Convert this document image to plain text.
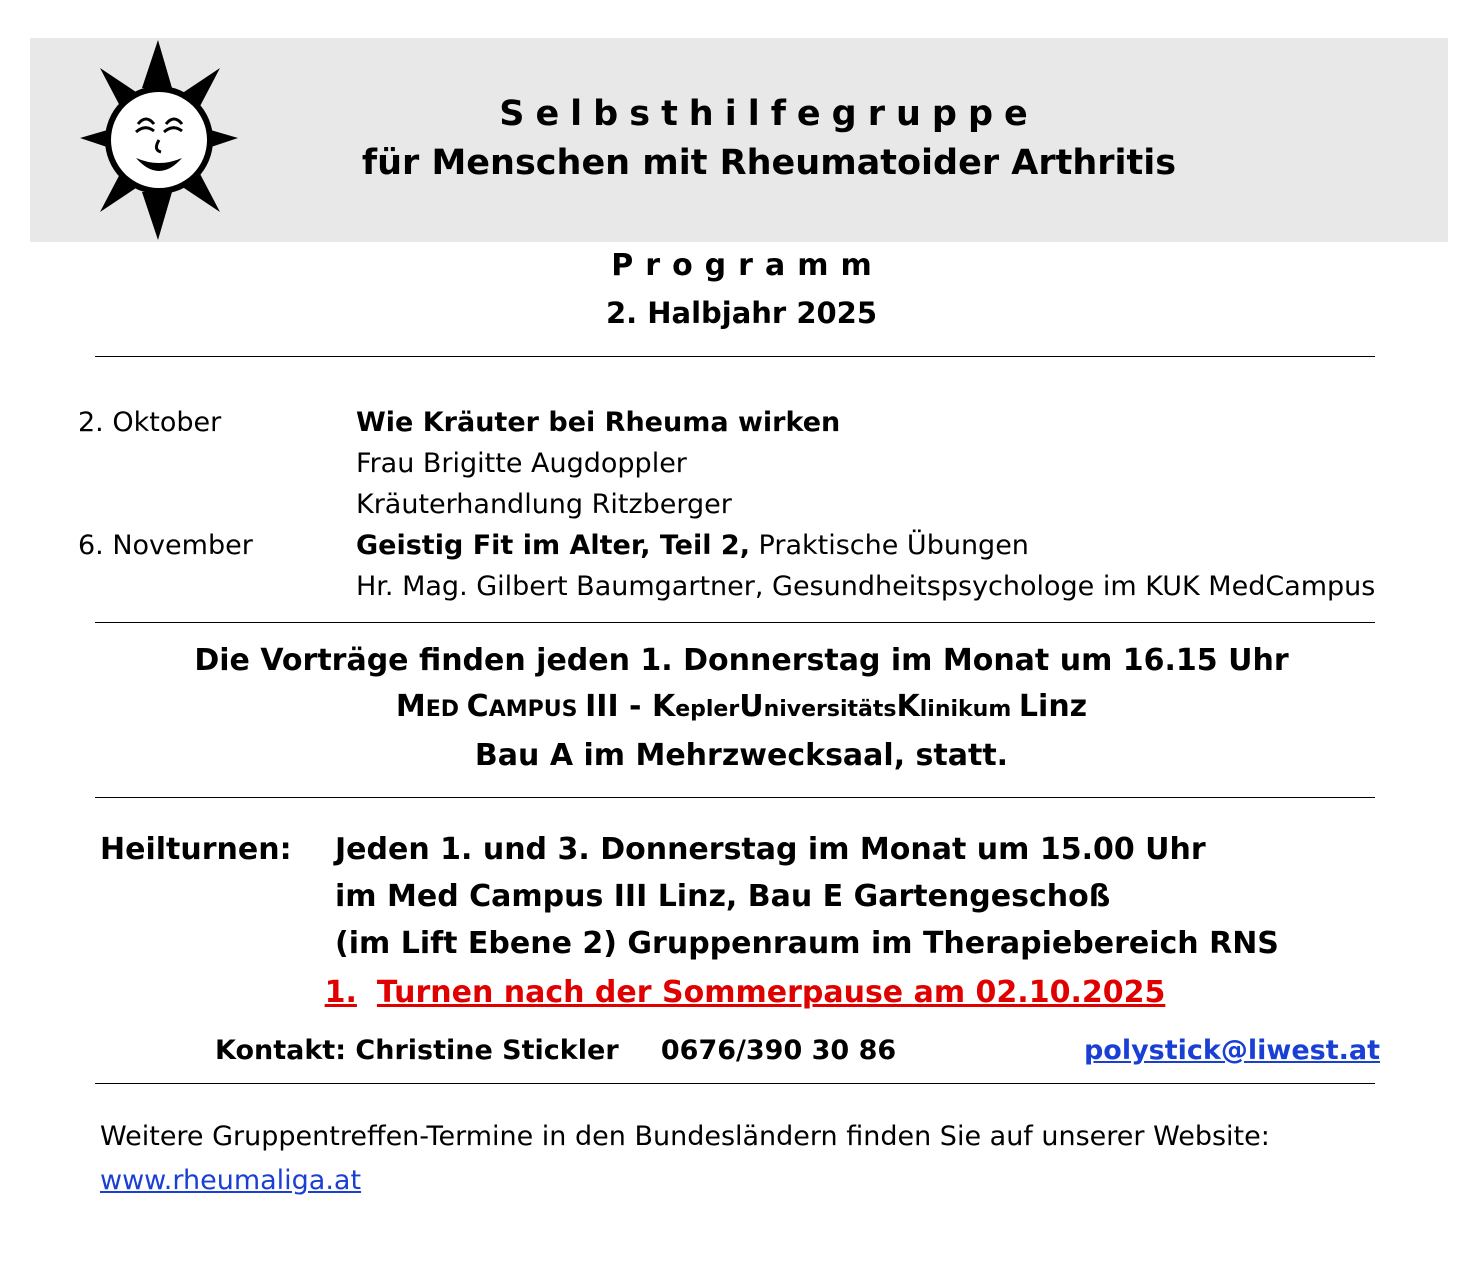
Selbsthilfegruppe
für Menschen mit Rheumatoider Arthritis
Programm
2. Halbjahr 2025
2. Oktober	Wie Kräuter bei Rheuma wirken
Frau Brigitte Augdoppler
Kräuterhandlung Ritzberger
6. November	Geistig Fit im Alter, Teil 2, Praktische Übungen
Hr. Mag. Gilbert Baumgartner, Gesundheitspsychologe im KUK MedCampus
Die Vorträge finden jeden 1. Donnerstag im Monat um 16.15 Uhr
MED CAMPUS III - KeplerUniversitätsKlinikum Linz
Bau A im Mehrzwecksaal, statt.
Heilturnen:	Jeden 1. und 3. Donnerstag im Monat um 15.00 Uhr
im Med Campus III Linz, Bau E Gartengeschoß
(im Lift Ebene 2) Gruppenraum im Therapiebereich RNS
1. Turnen nach der Sommerpause am 02.10.2025
Kontakt: Christine Stickler	0676/390 30 86	polystick@liwest.at
Weitere Gruppentreffen-Termine in den Bundesländern finden Sie auf unserer Website:
www.rheumaliga.at
